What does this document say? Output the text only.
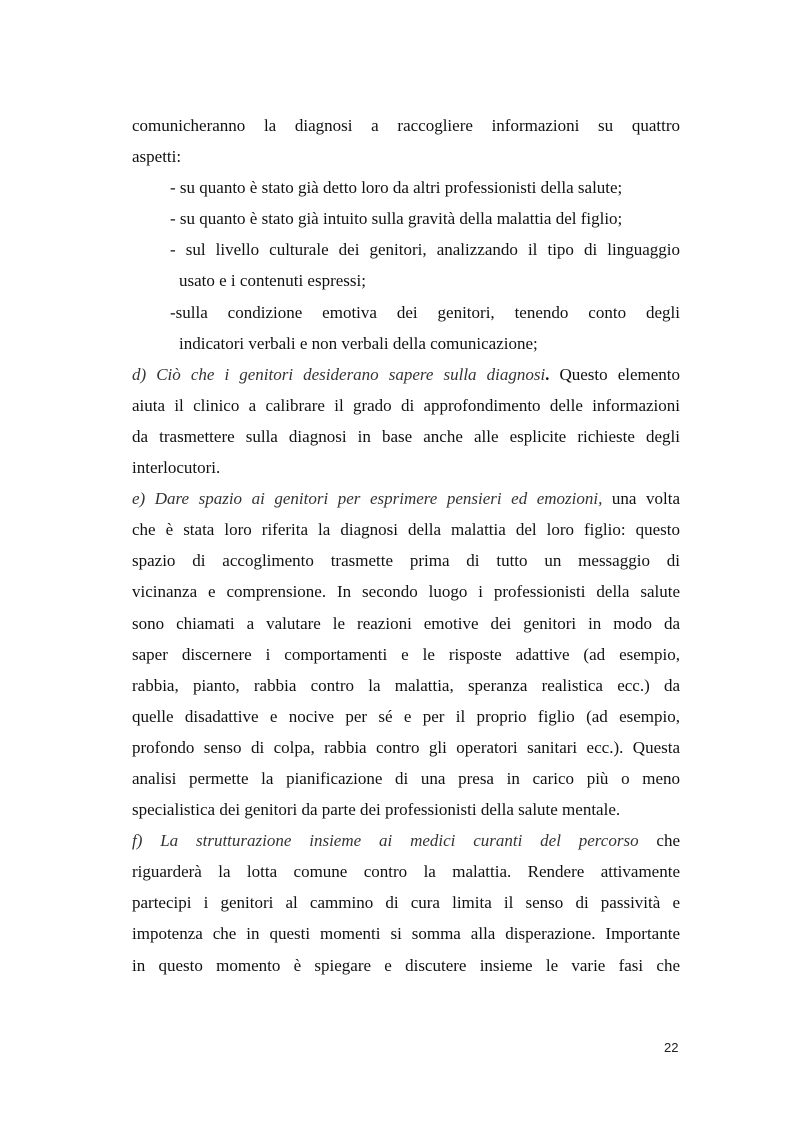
comunicheranno la diagnosi a raccogliere informazioni su quattro
aspetti:
- su quanto è stato già detto loro da altri professionisti della salute;
- su quanto è stato già intuito sulla gravità della malattia del figlio;
- sul livello culturale dei genitori, analizzando il tipo di linguaggio
usato e i contenuti espressi;
-sulla condizione emotiva dei genitori, tenendo conto degli
indicatori verbali e non verbali della comunicazione;
d) Ciò che i genitori desiderano sapere sulla diagnosi. Questo elemento
aiuta il clinico a calibrare il grado di approfondimento delle informazioni
da trasmettere sulla diagnosi in base anche alle esplicite richieste degli
interlocutori.
e) Dare spazio ai genitori per esprimere pensieri ed emozioni, una volta
che è stata loro riferita la diagnosi della malattia del loro figlio: questo
spazio di accoglimento trasmette prima di tutto un messaggio di
vicinanza e comprensione. In secondo luogo i professionisti della salute
sono chiamati a valutare le reazioni emotive dei genitori in modo da
saper discernere i comportamenti e le risposte adattive (ad esempio,
rabbia, pianto, rabbia contro la malattia, speranza realistica ecc.) da
quelle disadattive e nocive per sé e per il proprio figlio (ad esempio,
profondo senso di colpa, rabbia contro gli operatori sanitari ecc.). Questa
analisi permette la pianificazione di una presa in carico più o meno
specialistica dei genitori da parte dei professionisti della salute mentale.
f) La strutturazione insieme ai medici curanti del percorso che
riguarderà la lotta comune contro la malattia. Rendere attivamente
partecipi i genitori al cammino di cura limita il senso di passività e
impotenza che in questi momenti si somma alla disperazione. Importante
in questo momento è spiegare e discutere insieme le varie fasi che
22
